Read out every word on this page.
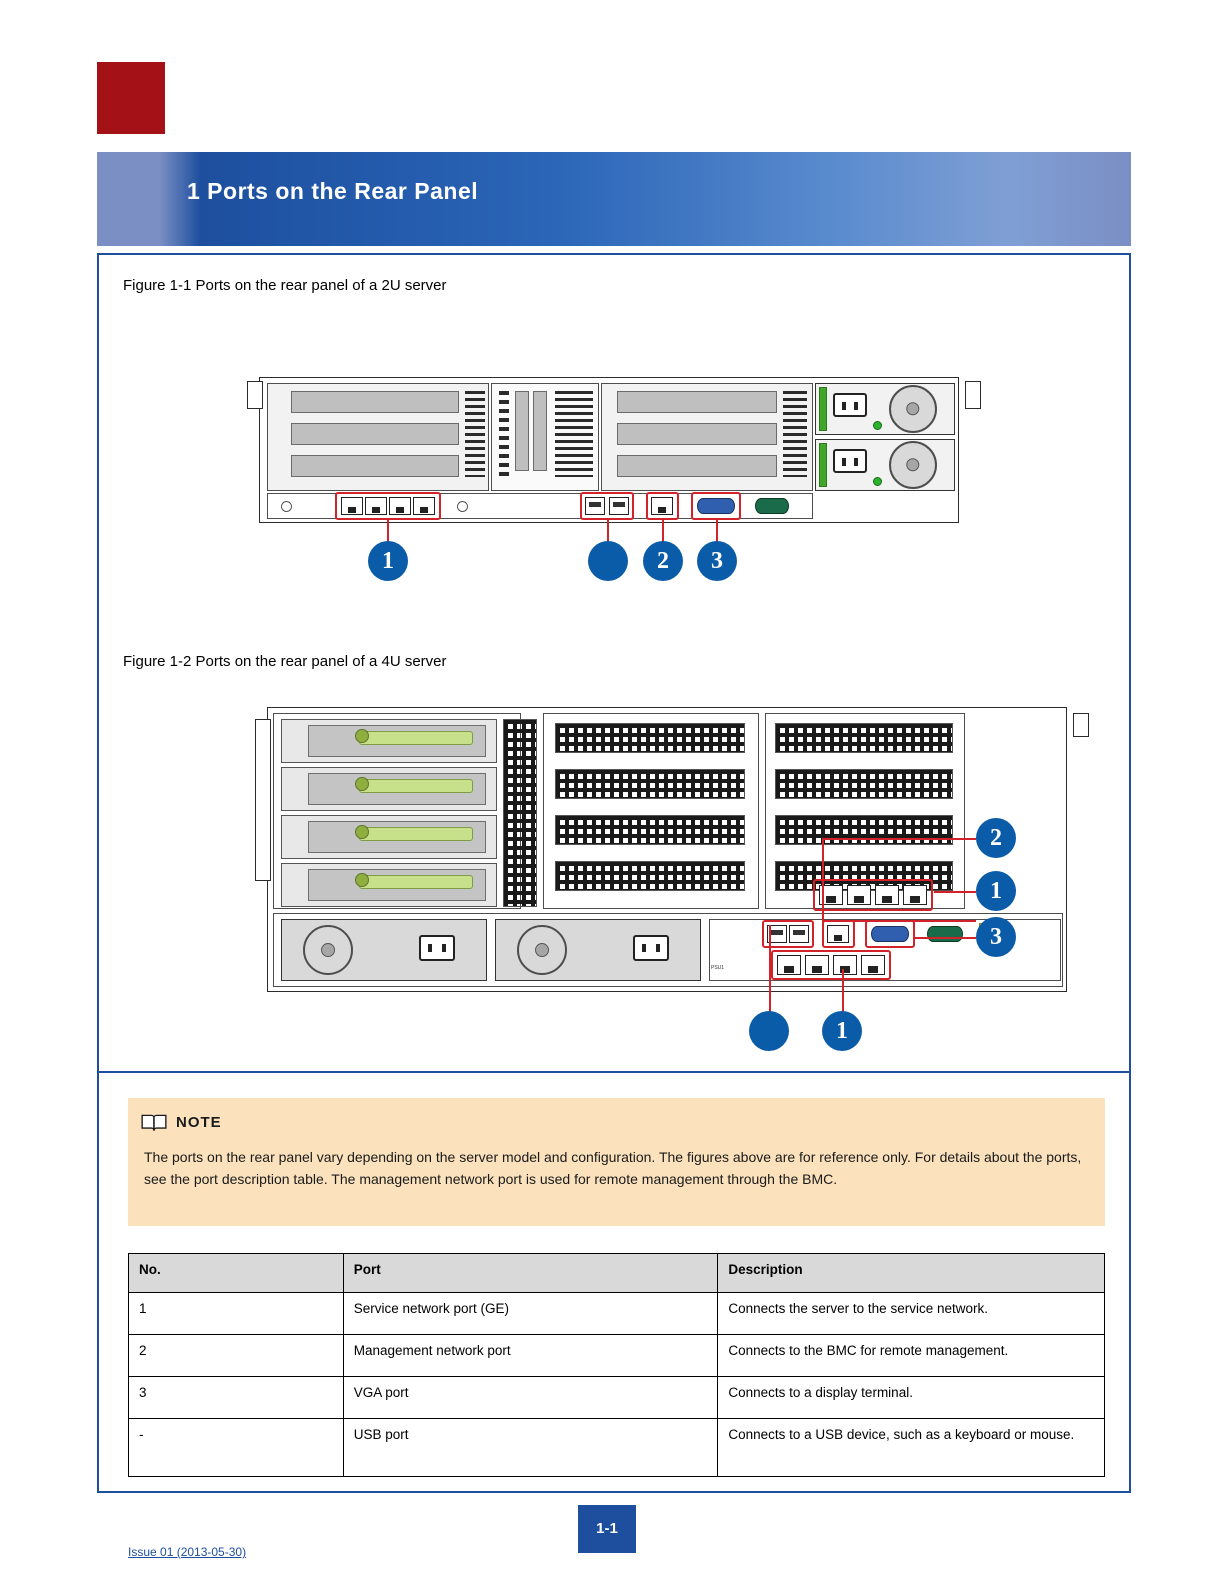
1 Ports on the Rear Panel
Figure 1-1 Ports on the rear panel of a 2U server
1	2	3
Figure 1-2 Ports on the rear panel of a 4U server
PSU1
2
1
3
1
NOTE
The ports on the rear panel vary depending on the server model and configuration. The figures above are for reference only. For details about the ports, see the port description table. The management network port is used for remote management through the BMC.
No.	Port	Description
1	Service network port (GE)	Connects the server to the service network.
2	Management network port	Connects to the BMC for remote management.
3	VGA port	Connects to a display terminal.
-	USB port	Connects to a USB device, such as a keyboard or mouse.
1-1
Issue 01 (2013-05-30)
